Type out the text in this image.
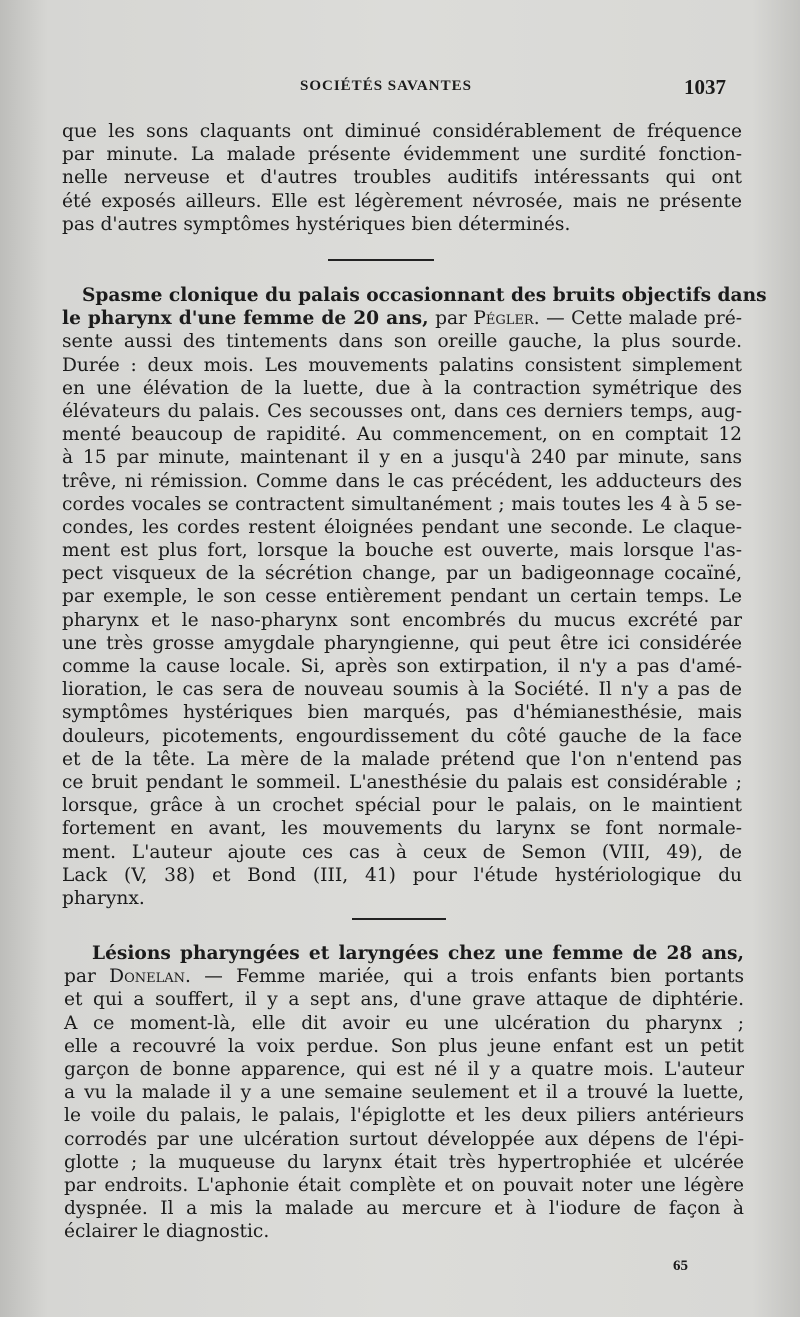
SOCIÉTÉS SAVANTES	1037
que les sons claquants ont diminué considérablement de fréquence
par minute. La malade présente évidemment une surdité fonction-
nelle nerveuse et d'autres troubles auditifs intéressants qui ont
été exposés ailleurs. Elle est légèrement névrosée, mais ne présente
pas d'autres symptômes hystériques bien déterminés.
Spasme clonique du palais occasionnant des bruits objectifs dans
le pharynx d'une femme de 20 ans, par Pégler. — Cette malade pré-
sente aussi des tintements dans son oreille gauche, la plus sourde.
Durée : deux mois. Les mouvements palatins consistent simplement
en une élévation de la luette, due à la contraction symétrique des
élévateurs du palais. Ces secousses ont, dans ces derniers temps, aug-
menté beaucoup de rapidité. Au commencement, on en comptait 12
à 15 par minute, maintenant il y en a jusqu'à 240 par minute, sans
trêve, ni rémission. Comme dans le cas précédent, les adducteurs des
cordes vocales se contractent simultanément ; mais toutes les 4 à 5 se-
condes, les cordes restent éloignées pendant une seconde. Le claque-
ment est plus fort, lorsque la bouche est ouverte, mais lorsque l'as-
pect visqueux de la sécrétion change, par un badigeonnage cocaïné,
par exemple, le son cesse entièrement pendant un certain temps. Le
pharynx et le naso-pharynx sont encombrés du mucus excrété par
une très grosse amygdale pharyngienne, qui peut être ici considérée
comme la cause locale. Si, après son extirpation, il n'y a pas d'amé-
lioration, le cas sera de nouveau soumis à la Société. Il n'y a pas de
symptômes hystériques bien marqués, pas d'hémianesthésie, mais
douleurs, picotements, engourdissement du côté gauche de la face
et de la tête. La mère de la malade prétend que l'on n'entend pas
ce bruit pendant le sommeil. L'anesthésie du palais est considérable ;
lorsque, grâce à un crochet spécial pour le palais, on le maintient
fortement en avant, les mouvements du larynx se font normale-
ment. L'auteur ajoute ces cas à ceux de Semon (VIII, 49), de
Lack (V, 38) et Bond (III, 41) pour l'étude hystériologique du
pharynx.
Lésions pharyngées et laryngées chez une femme de 28 ans,
par Donelan. — Femme mariée, qui a trois enfants bien portants
et qui a souffert, il y a sept ans, d'une grave attaque de diphtérie.
A ce moment-là, elle dit avoir eu une ulcération du pharynx ;
elle a recouvré la voix perdue. Son plus jeune enfant est un petit
garçon de bonne apparence, qui est né il y a quatre mois. L'auteur
a vu la malade il y a une semaine seulement et il a trouvé la luette,
le voile du palais, le palais, l'épiglotte et les deux piliers antérieurs
corrodés par une ulcération surtout développée aux dépens de l'épi-
glotte ; la muqueuse du larynx était très hypertrophiée et ulcérée
par endroits. L'aphonie était complète et on pouvait noter une légère
dyspnée. Il a mis la malade au mercure et à l'iodure de façon à
éclairer le diagnostic.
65
